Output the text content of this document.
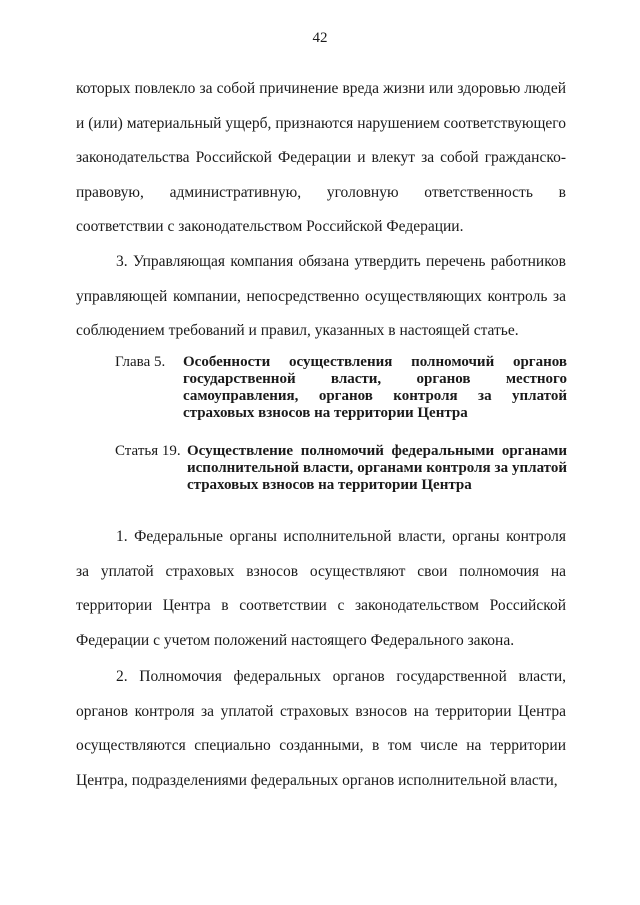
42
которых повлекло за собой причинение вреда жизни или здоровью людей и (или) материальный ущерб, признаются нарушением соответствующего законодательства Российской Федерации и влекут за собой гражданско-правовую, административную, уголовную ответственность в соответствии с законодательством Российской Федерации.
3. Управляющая компания обязана утвердить перечень работников управляющей компании, непосредственно осуществляющих контроль за соблюдением требований и правил, указанных в настоящей статье.
Глава 5. Особенности осуществления полномочий органов государственной власти, органов местного самоуправления, органов контроля за уплатой страховых взносов на территории Центра
Статья 19. Осуществление полномочий федеральными органами исполнительной власти, органами контроля за уплатой страховых взносов на территории Центра
1. Федеральные органы исполнительной власти, органы контроля за уплатой страховых взносов осуществляют свои полномочия на территории Центра в соответствии с законодательством Российской Федерации с учетом положений настоящего Федерального закона.
2. Полномочия федеральных органов государственной власти, органов контроля за уплатой страховых взносов на территории Центра осуществляются специально созданными, в том числе на территории Центра, подразделениями федеральных органов исполнительной власти,
